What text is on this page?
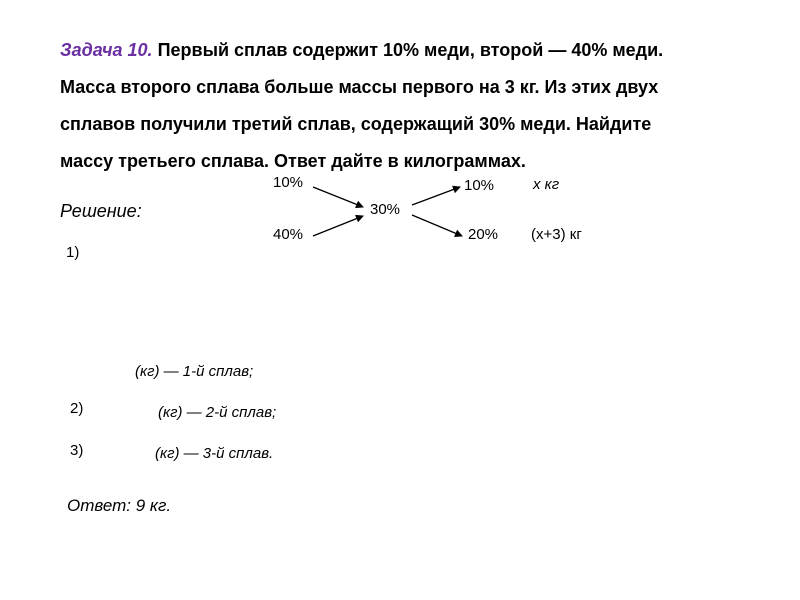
Задача 10. Первый сплав содержит 10% меди, второй — 40% меди.
Масса второго сплава больше массы первого на 3 кг. Из этих двух
сплавов получили третий сплав, содержащий 30% меди. Найдите
массу третьего сплава. Ответ дайте в килограммах.
Решение:
10%
40%
30%
10%
20%
х кг
(х+3) кг
1)
(кг) — 1-й сплав;
2)	(кг) — 2-й сплав;
3)	(кг) — 3-й сплав.
Ответ: 9 кг.
